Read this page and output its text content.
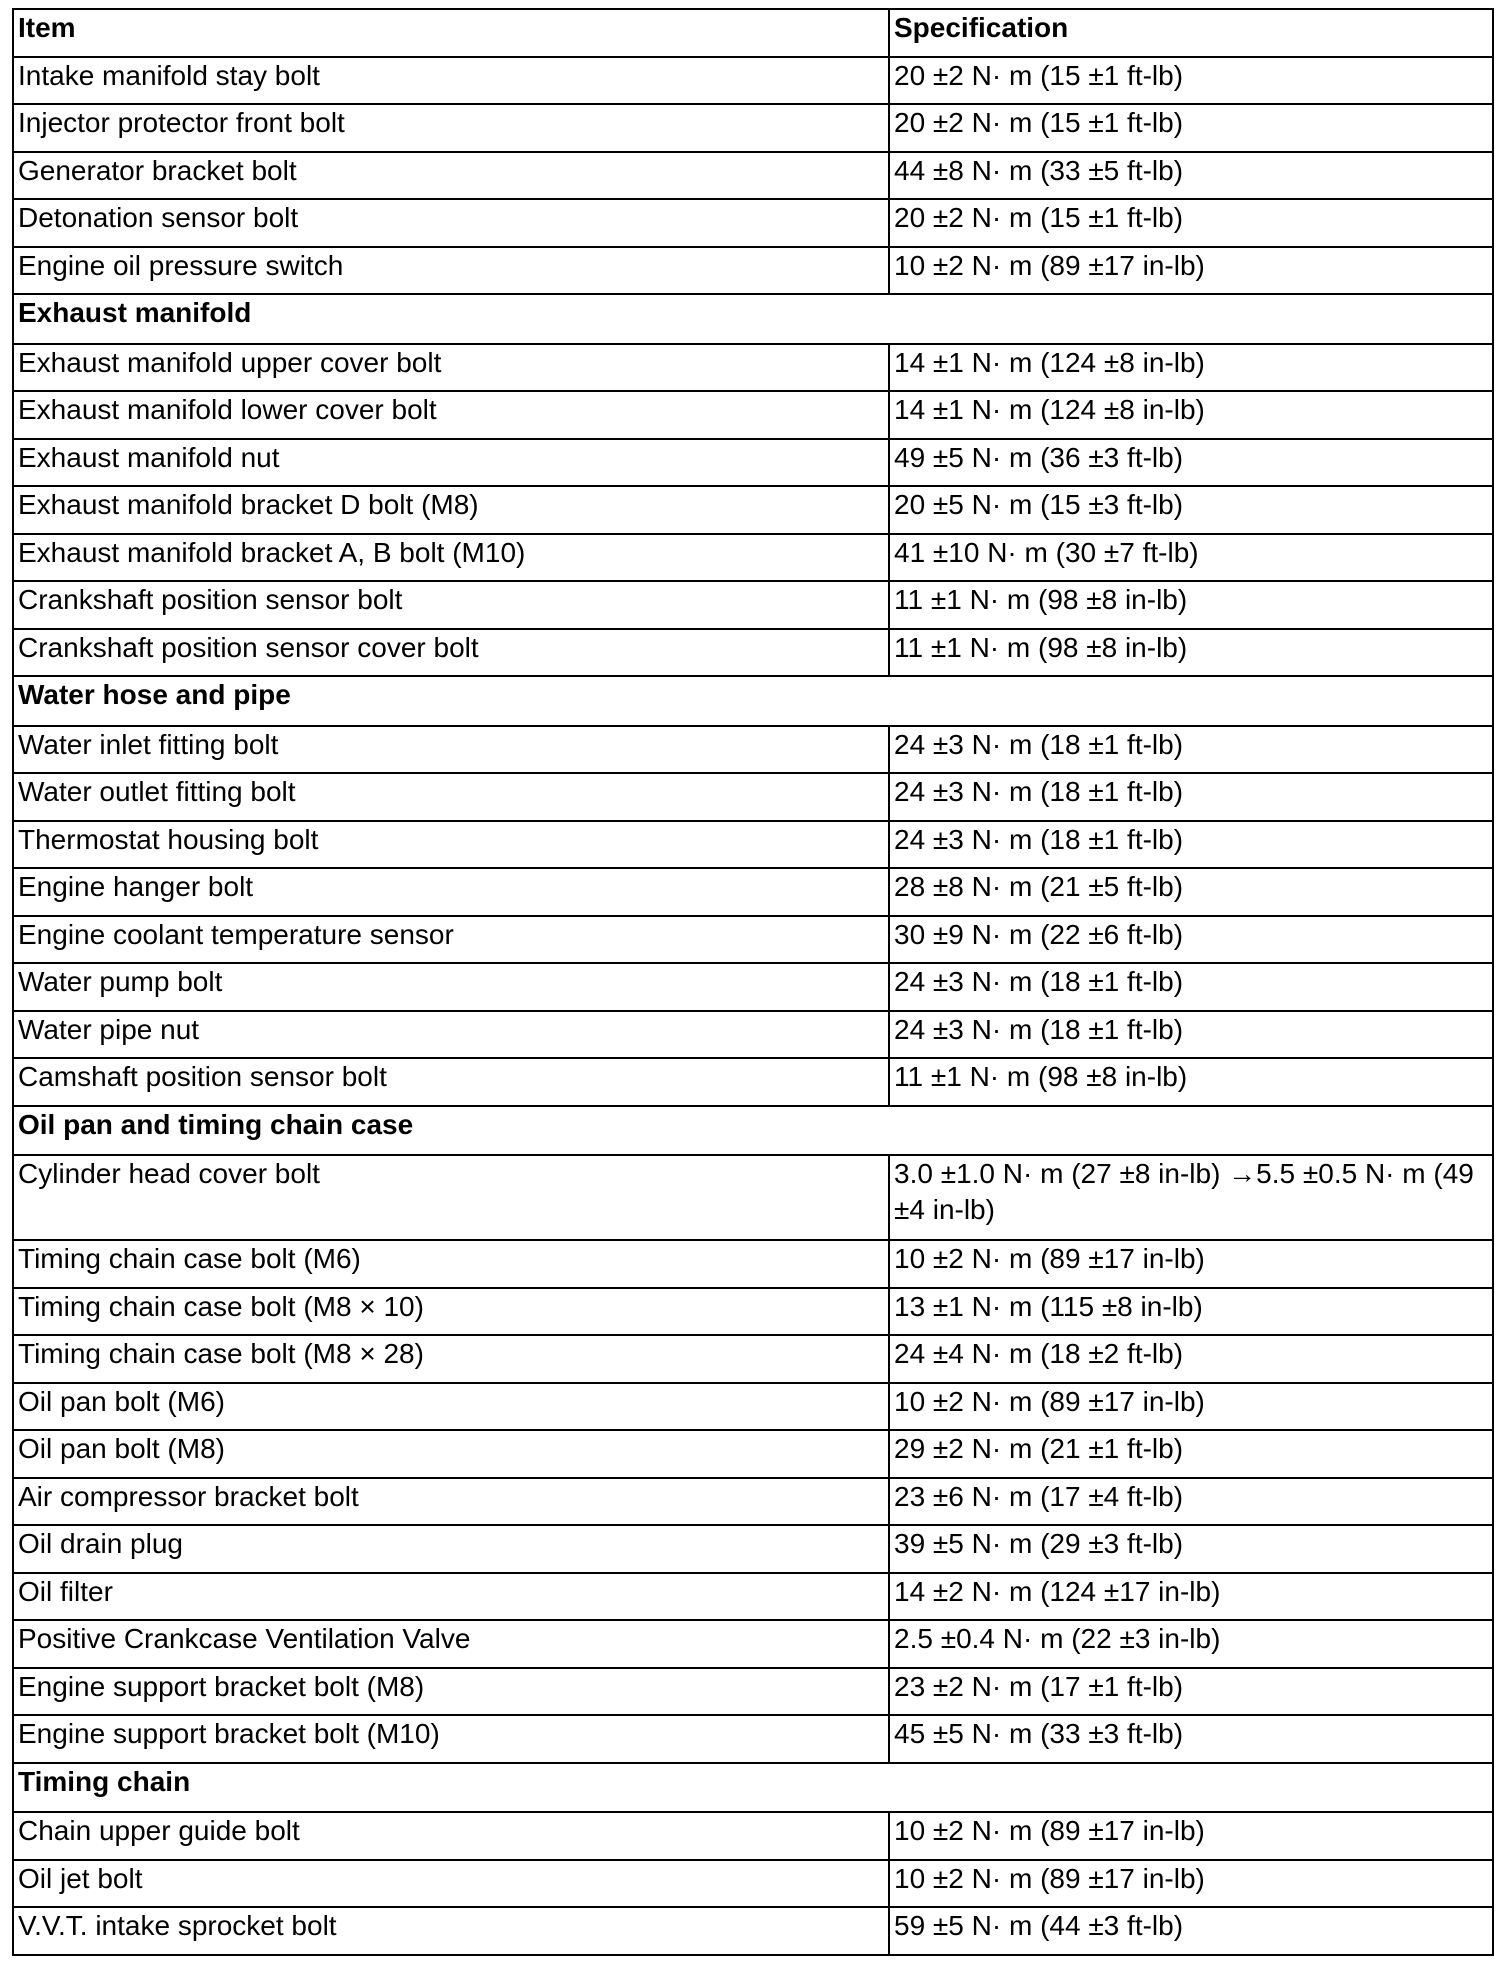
Item	Specification
Intake manifold stay bolt	20 ±2 N· m (15 ±1 ft-lb)
Injector protector front bolt	20 ±2 N· m (15 ±1 ft-lb)
Generator bracket bolt	44 ±8 N· m (33 ±5 ft-lb)
Detonation sensor bolt	20 ±2 N· m (15 ±1 ft-lb)
Engine oil pressure switch	10 ±2 N· m (89 ±17 in-lb)
Exhaust manifold	
Exhaust manifold upper cover bolt	14 ±1 N· m (124 ±8 in-lb)
Exhaust manifold lower cover bolt	14 ±1 N· m (124 ±8 in-lb)
Exhaust manifold nut	49 ±5 N· m (36 ±3 ft-lb)
Exhaust manifold bracket D bolt (M8)	20 ±5 N· m (15 ±3 ft-lb)
Exhaust manifold bracket A, B bolt (M10)	41 ±10 N· m (30 ±7 ft-lb)
Crankshaft position sensor bolt	11 ±1 N· m (98 ±8 in-lb)
Crankshaft position sensor cover bolt	11 ±1 N· m (98 ±8 in-lb)
Water hose and pipe	
Water inlet fitting bolt	24 ±3 N· m (18 ±1 ft-lb)
Water outlet fitting bolt	24 ±3 N· m (18 ±1 ft-lb)
Thermostat housing bolt	24 ±3 N· m (18 ±1 ft-lb)
Engine hanger bolt	28 ±8 N· m (21 ±5 ft-lb)
Engine coolant temperature sensor	30 ±9 N· m (22 ±6 ft-lb)
Water pump bolt	24 ±3 N· m (18 ±1 ft-lb)
Water pipe nut	24 ±3 N· m (18 ±1 ft-lb)
Camshaft position sensor bolt	11 ±1 N· m (98 ±8 in-lb)
Oil pan and timing chain case	
Cylinder head cover bolt	3.0 ±1.0 N· m (27 ±8 in-lb) →5.5 ±0.5 N· m (49 ±4 in-lb)
Timing chain case bolt (M6)	10 ±2 N· m (89 ±17 in-lb)
Timing chain case bolt (M8 × 10)	13 ±1 N· m (115 ±8 in-lb)
Timing chain case bolt (M8 × 28)	24 ±4 N· m (18 ±2 ft-lb)
Oil pan bolt (M6)	10 ±2 N· m (89 ±17 in-lb)
Oil pan bolt (M8)	29 ±2 N· m (21 ±1 ft-lb)
Air compressor bracket bolt	23 ±6 N· m (17 ±4 ft-lb)
Oil drain plug	39 ±5 N· m (29 ±3 ft-lb)
Oil filter	14 ±2 N· m (124 ±17 in-lb)
Positive Crankcase Ventilation Valve	2.5 ±0.4 N· m (22 ±3 in-lb)
Engine support bracket bolt (M8)	23 ±2 N· m (17 ±1 ft-lb)
Engine support bracket bolt (M10)	45 ±5 N· m (33 ±3 ft-lb)
Timing chain	
Chain upper guide bolt	10 ±2 N· m (89 ±17 in-lb)
Oil jet bolt	10 ±2 N· m (89 ±17 in-lb)
V.V.T. intake sprocket bolt	59 ±5 N· m (44 ±3 ft-lb)
